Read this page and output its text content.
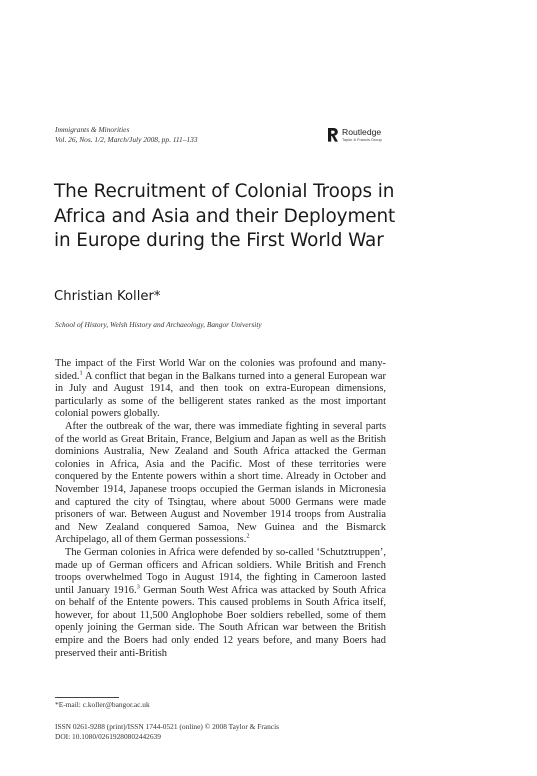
Immigrants & Minorities
Vol. 26, Nos. 1/2, March/July 2008, pp. 111–133
Routledge
Taylor & Francis Group
The Recruitment of Colonial Troops in Africa and Asia and their Deployment in Europe during the First World War
Christian Koller*
School of History, Welsh History and Archaeology, Bangor University

The impact of the First World War on the colonies was profound and many-sided.$^1$ A conflict that began in the Balkans turned into a general European war in July and August 1914, and then took on extra-European dimensions, particularly as some of the belligerent states ranked as the most important colonial powers globally.

After the outbreak of the war, there was immediate fighting in several parts of the world as Great Britain, France, Belgium and Japan as well as the British dominions Australia, New Zealand and South Africa attacked the German colonies in Africa, Asia and the Pacific. Most of these territories were conquered by the Entente powers within a short time. Already in October and November 1914, Japanese troops occupied the German islands in Micronesia and captured the city of Tsingtau, where about 5000 Germans were made prisoners of war. Between August and November 1914 troops from Australia and New Zealand conquered Samoa, New Guinea and the Bismarck Archipelago, all of them German possessions.$^2$

The German colonies in Africa were defended by so-called ‘Schutztruppen’, made up of German officers and African soldiers. While British and French troops overwhelmed Togo in August 1914, the fighting in Cameroon lasted until January 1916.$^3$ German South West Africa was attacked by South Africa on behalf of the Entente powers. This caused problems in South Africa itself, however, for about 11,500 Anglophobe Boer soldiers rebelled, some of them openly joining the German side. The South African war between the British empire and the Boers had only ended 12 years before, and many Boers had preserved their anti-British

*E-mail: c.koller@bangor.ac.uk
ISSN 0261-9288 (print)/ISSN 1744-0521 (online) © 2008 Taylor & Francis
DOI: 10.1080/02619280802442639
